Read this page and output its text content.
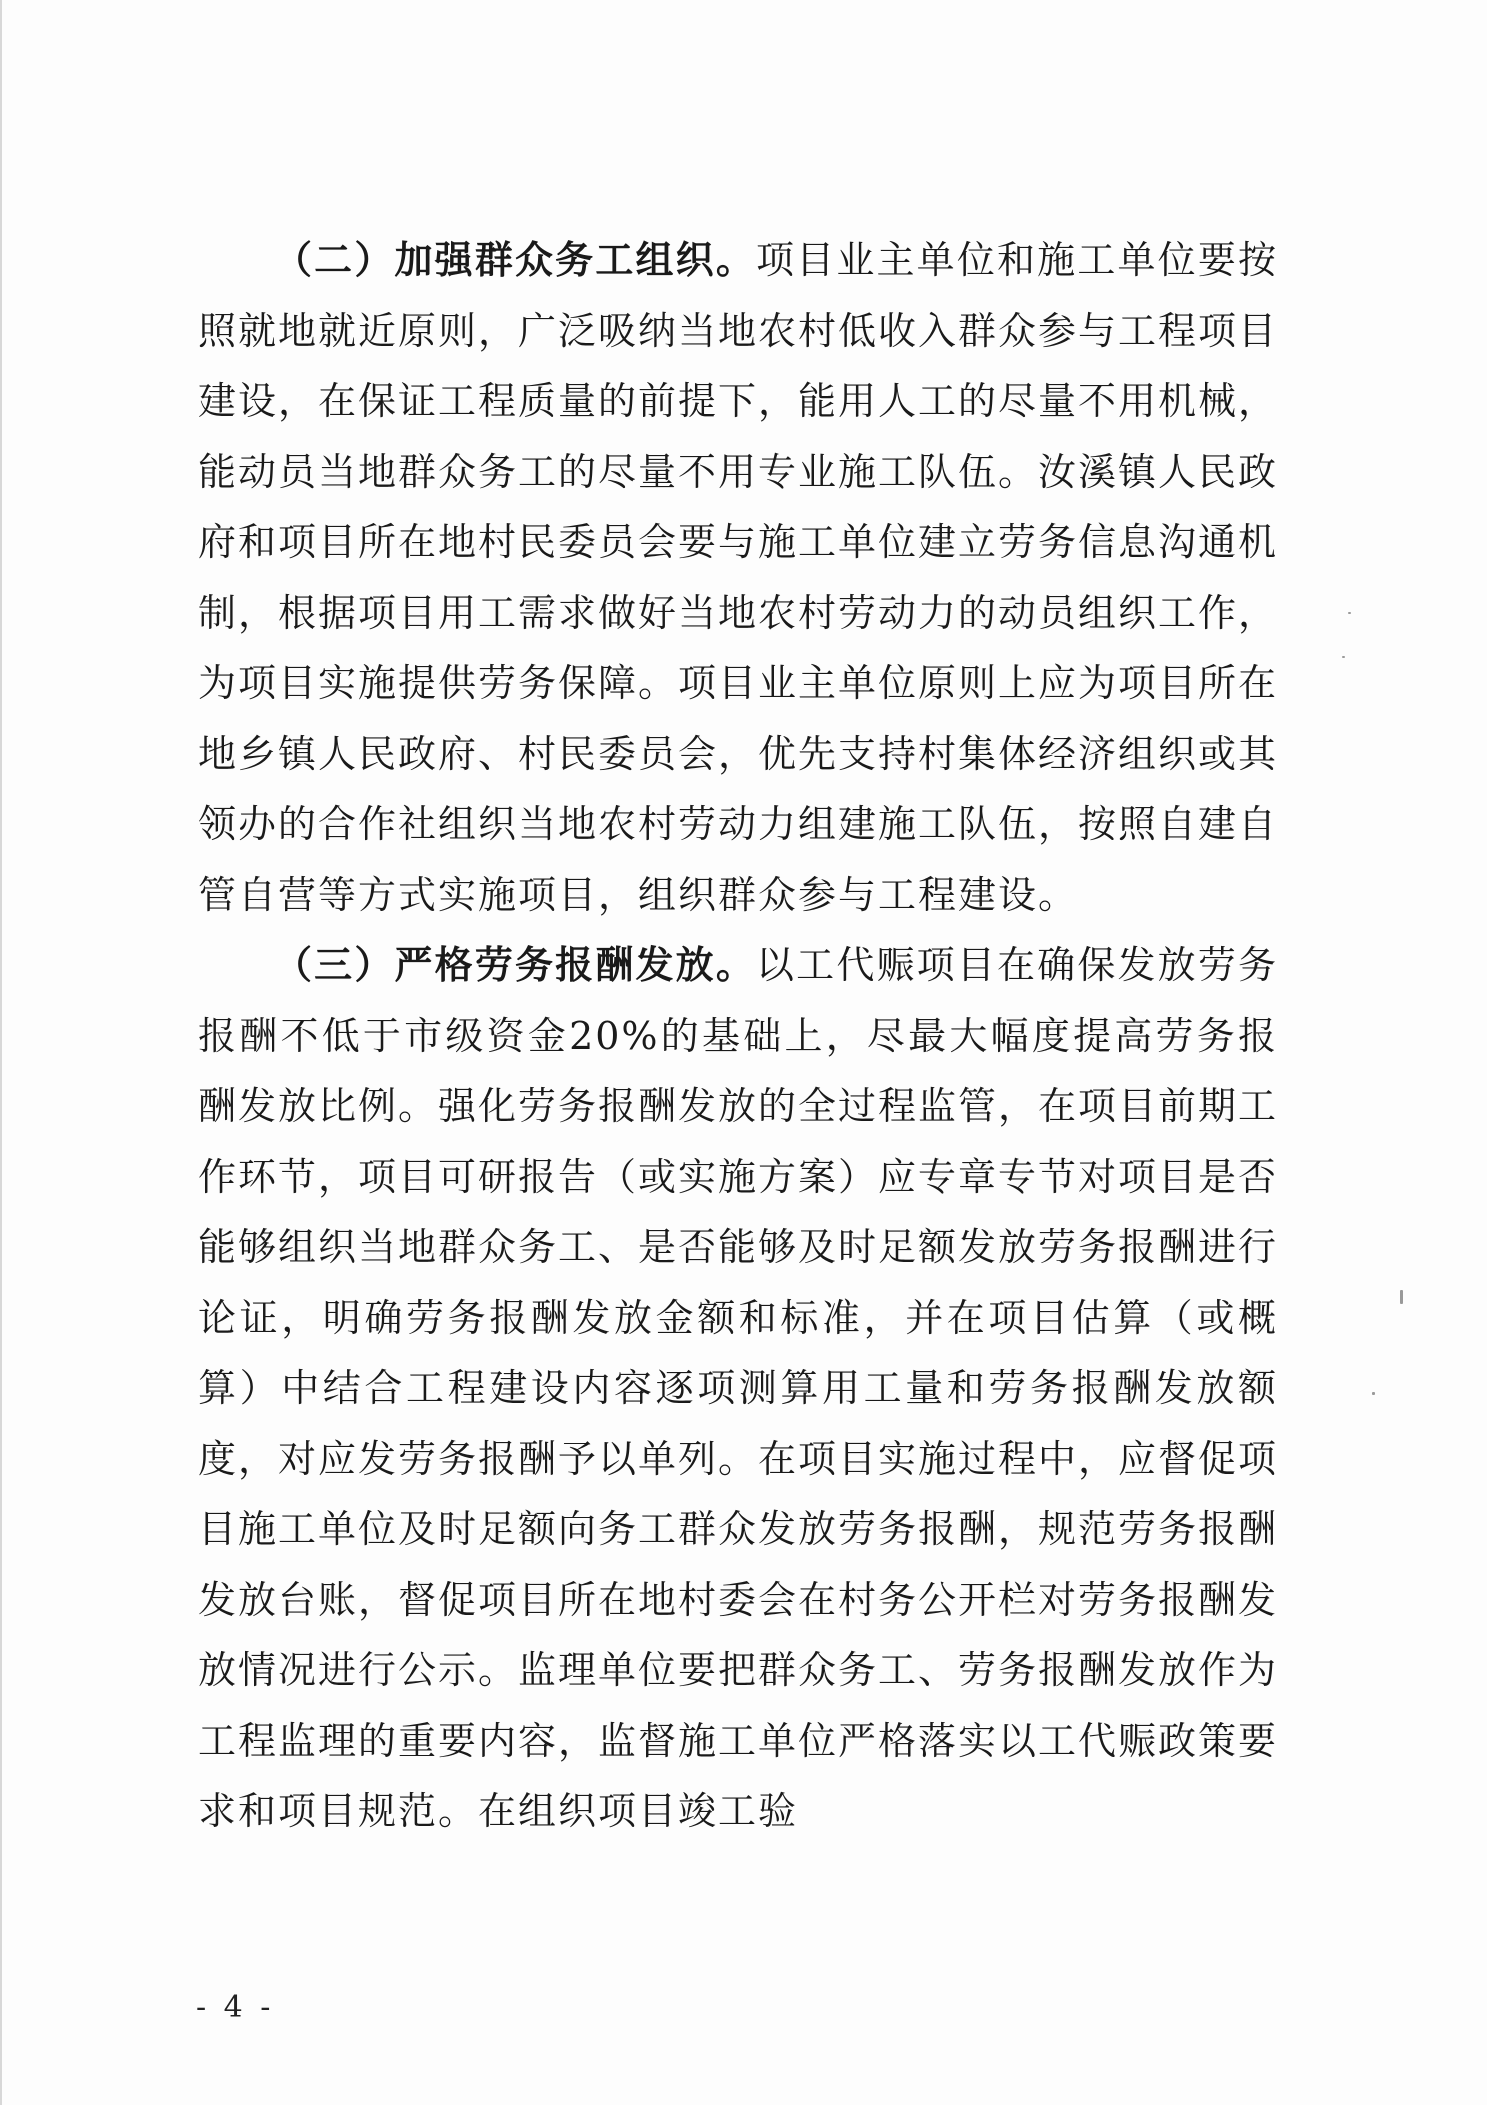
（二）加强群众务工组织。项目业主单位和施工单位要按照就地就近原则，广泛吸纳当地农村低收入群众参与工程项目建设，在保证工程质量的前提下，能用人工的尽量不用机械，能动员当地群众务工的尽量不用专业施工队伍。汝溪镇人民政府和项目所在地村民委员会要与施工单位建立劳务信息沟通机制，根据项目用工需求做好当地农村劳动力的动员组织工作，为项目实施提供劳务保障。项目业主单位原则上应为项目所在地乡镇人民政府、村民委员会，优先支持村集体经济组织或其领办的合作社组织当地农村劳动力组建施工队伍，按照自建自管自营等方式实施项目，组织群众参与工程建设。

（三）严格劳务报酬发放。以工代赈项目在确保发放劳务报酬不低于市级资金20%的基础上，尽最大幅度提高劳务报酬发放比例。强化劳务报酬发放的全过程监管，在项目前期工作环节，项目可研报告（或实施方案）应专章专节对项目是否能够组织当地群众务工、是否能够及时足额发放劳务报酬进行论证，明确劳务报酬发放金额和标准，并在项目估算（或概算）中结合工程建设内容逐项测算用工量和劳务报酬发放额度，对应发劳务报酬予以单列。在项目实施过程中，应督促项目施工单位及时足额向务工群众发放劳务报酬，规范劳务报酬发放台账，督促项目所在地村委会在村务公开栏对劳务报酬发放情况进行公示。监理单位要把群众务工、劳务报酬发放作为工程监理的重要内容，监督施工单位严格落实以工代赈政策要求和项目规范。在组织项目竣工验

- 4 -
